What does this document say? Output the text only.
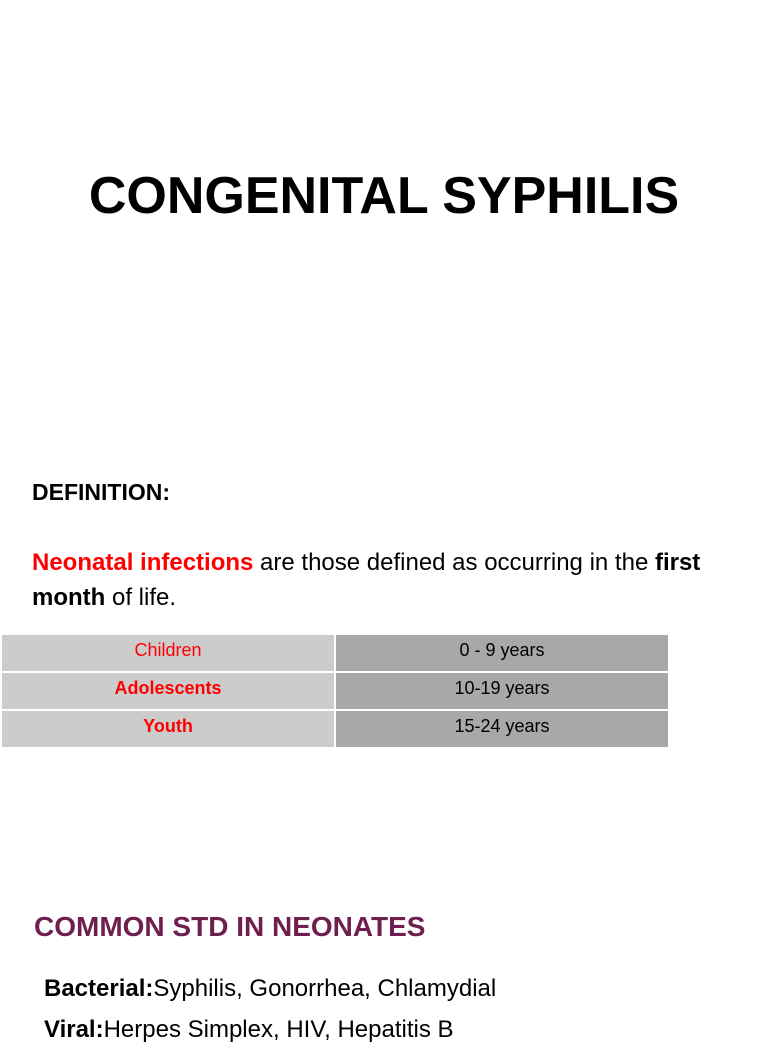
CONGENITAL SYPHILIS
DEFINITION:
Neonatal infections are those defined as occurring in the first month of life.
Children	0 - 9 years

Adolescents	10-19 years

Youth	15-24 years
COMMON STD IN NEONATES
Bacterial:Syphilis, Gonorrhea, Chlamydial
Viral:Herpes Simplex, HIV, Hepatitis B
